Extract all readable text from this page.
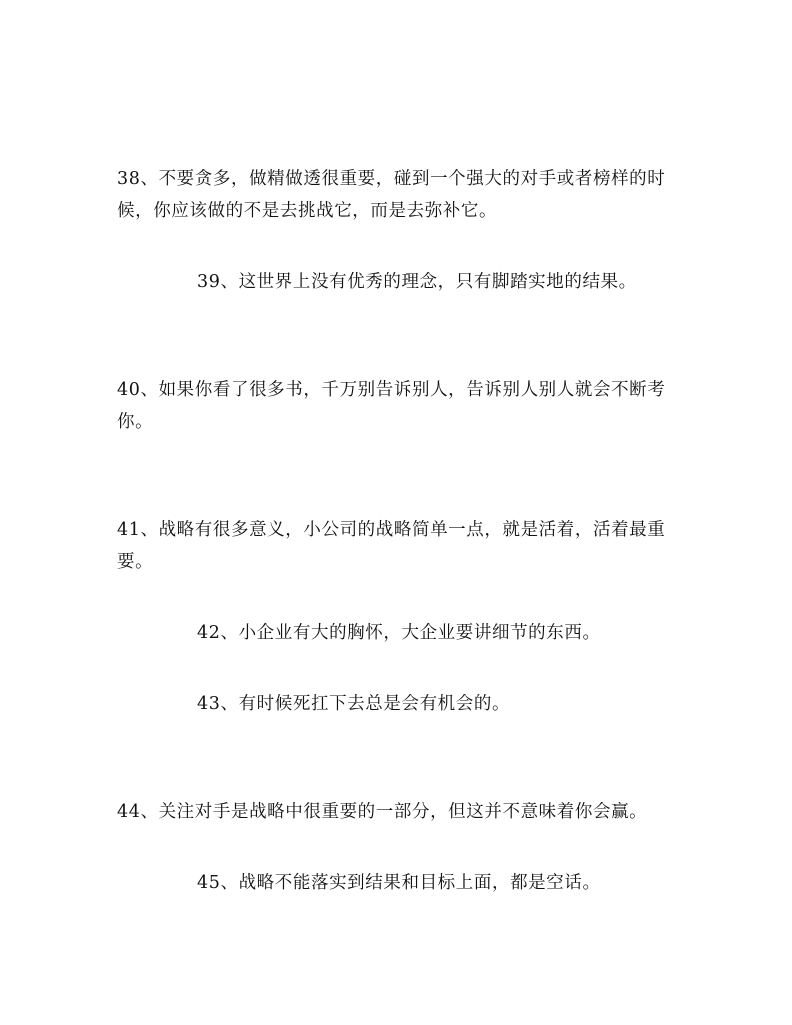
38、不要贪多，做精做透很重要，碰到一个强大的对手或者榜样的时候，你应该做的不是去挑战它，而是去弥补它。

39、这世界上没有优秀的理念，只有脚踏实地的结果。

40、如果你看了很多书，千万别告诉别人，告诉别人别人就会不断考你。

41、战略有很多意义，小公司的战略简单一点，就是活着，活着最重要。

42、小企业有大的胸怀，大企业要讲细节的东西。

43、有时候死扛下去总是会有机会的。

44、关注对手是战略中很重要的一部分，但这并不意味着你会赢。

45、战略不能落实到结果和目标上面，都是空话。
